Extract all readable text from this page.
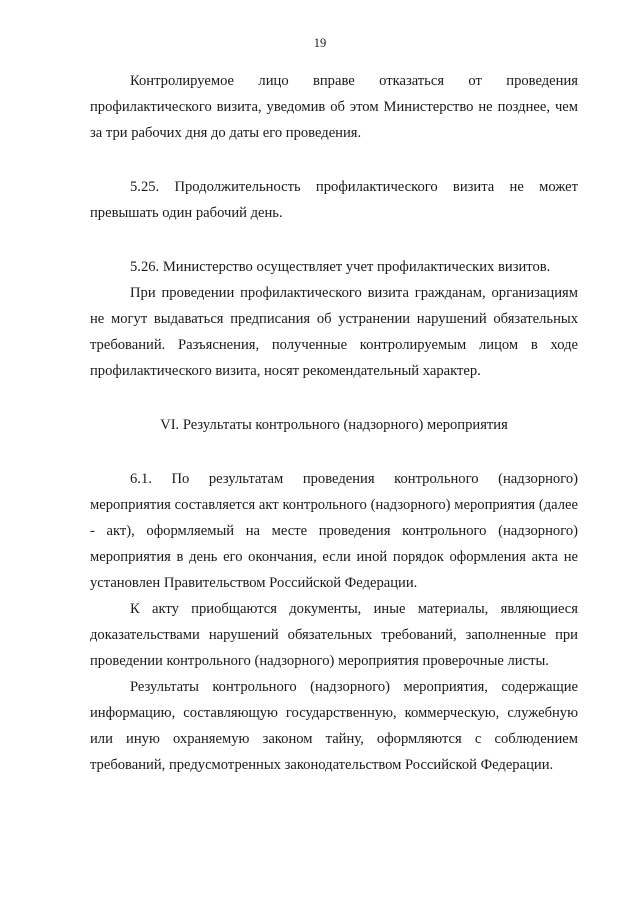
19

Контролируемое лицо вправе отказаться от проведения профилактического визита, уведомив об этом Министерство не позднее, чем за три рабочих дня до даты его проведения.

5.25. Продолжительность профилактического визита не может превышать один рабочий день.

5.26. Министерство осуществляет учет профилактических визитов.

При проведении профилактического визита гражданам, организациям не могут выдаваться предписания об устранении нарушений обязательных требований. Разъяснения, полученные контролируемым лицом в ходе профилактического визита, носят рекомендательный характер.

VI. Результаты контрольного (надзорного) мероприятия

6.1. По результатам проведения контрольного (надзорного) мероприятия составляется акт контрольного (надзорного) мероприятия (далее - акт), оформляемый на месте проведения контрольного (надзорного) мероприятия в день его окончания, если иной порядок оформления акта не установлен Правительством Российской Федерации.

К акту приобщаются документы, иные материалы, являющиеся доказательствами нарушений обязательных требований, заполненные при проведении контрольного (надзорного) мероприятия проверочные листы.

Результаты контрольного (надзорного) мероприятия, содержащие информацию, составляющую государственную, коммерческую, служебную или иную охраняемую законом тайну, оформляются с соблюдением требований, предусмотренных законодательством Российской Федерации.
